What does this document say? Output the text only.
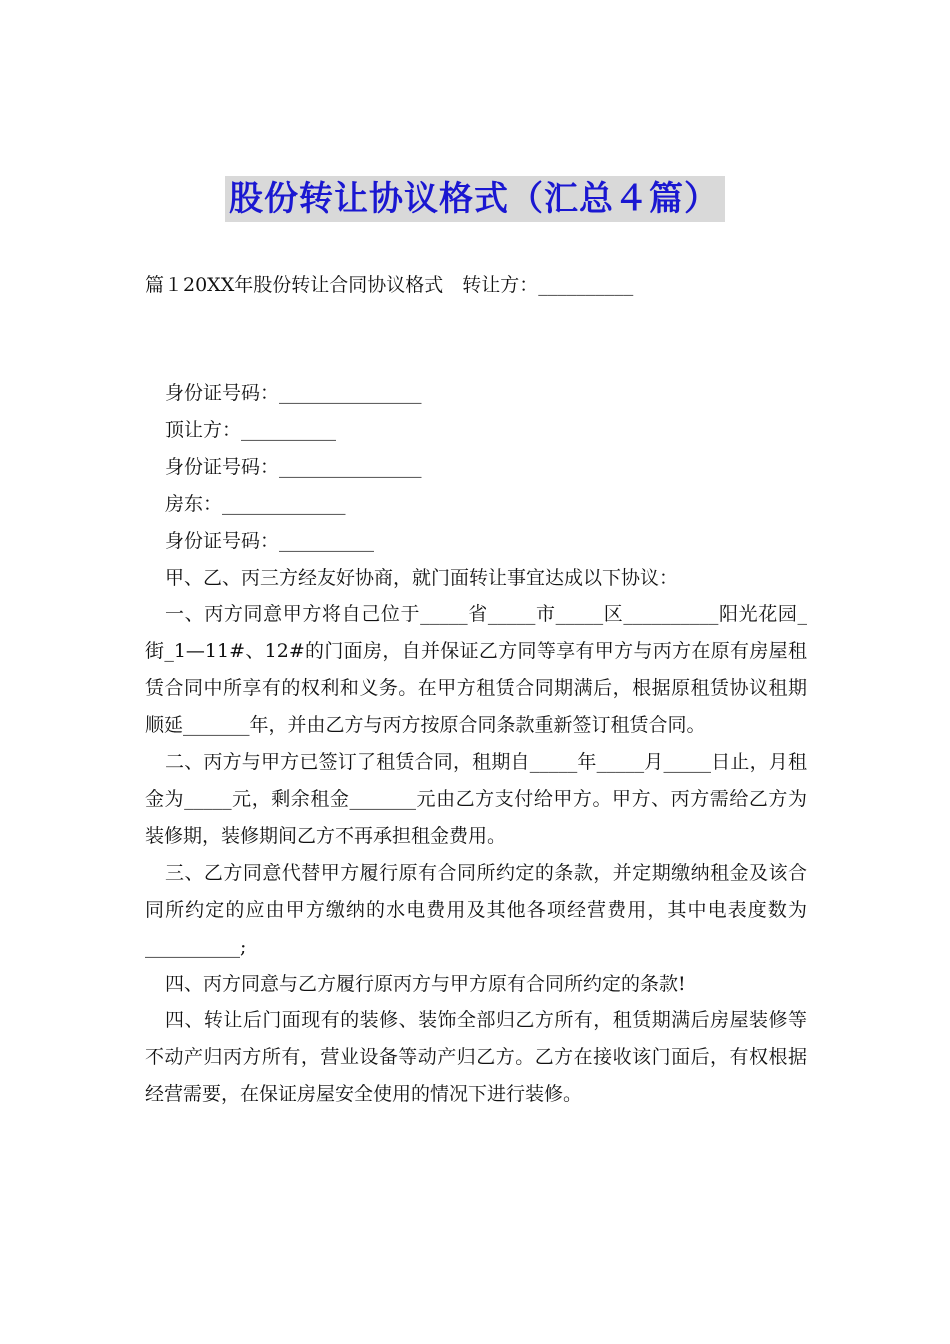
股份转让协议格式（汇总４篇）
篇１20XX年股份转让合同协议格式　转让方：__________

身份证号码：_______________

顶让方：__________

身份证号码：_______________

房东：_____________

身份证号码：__________

甲、乙、丙三方经友好协商，就门面转让事宜达成以下协议：

一、丙方同意甲方将自己位于_____省_____市_____区__________阳光花园_街_1—11#、12#的门面房，自并保证乙方同等享有甲方与丙方在原有房屋租赁合同中所享有的权利和义务。在甲方租赁合同期满后，根据原租赁协议租期顺延_______年，并由乙方与丙方按原合同条款重新签订租赁合同。

二、丙方与甲方已签订了租赁合同，租期自_____年_____月_____日止，月租金为_____元，剩余租金_______元由乙方支付给甲方。甲方、丙方需给乙方为装修期，装修期间乙方不再承担租金费用。

三、乙方同意代替甲方履行原有合同所约定的条款，并定期缴纳租金及该合同所约定的应由甲方缴纳的水电费用及其他各项经营费用，其中电表度数为__________;

四、丙方同意与乙方履行原丙方与甲方原有合同所约定的条款!

四、转让后门面现有的装修、装饰全部归乙方所有，租赁期满后房屋装修等不动产归丙方所有，营业设备等动产归乙方。乙方在接收该门面后，有权根据经营需要，在保证房屋安全使用的情况下进行装修。
